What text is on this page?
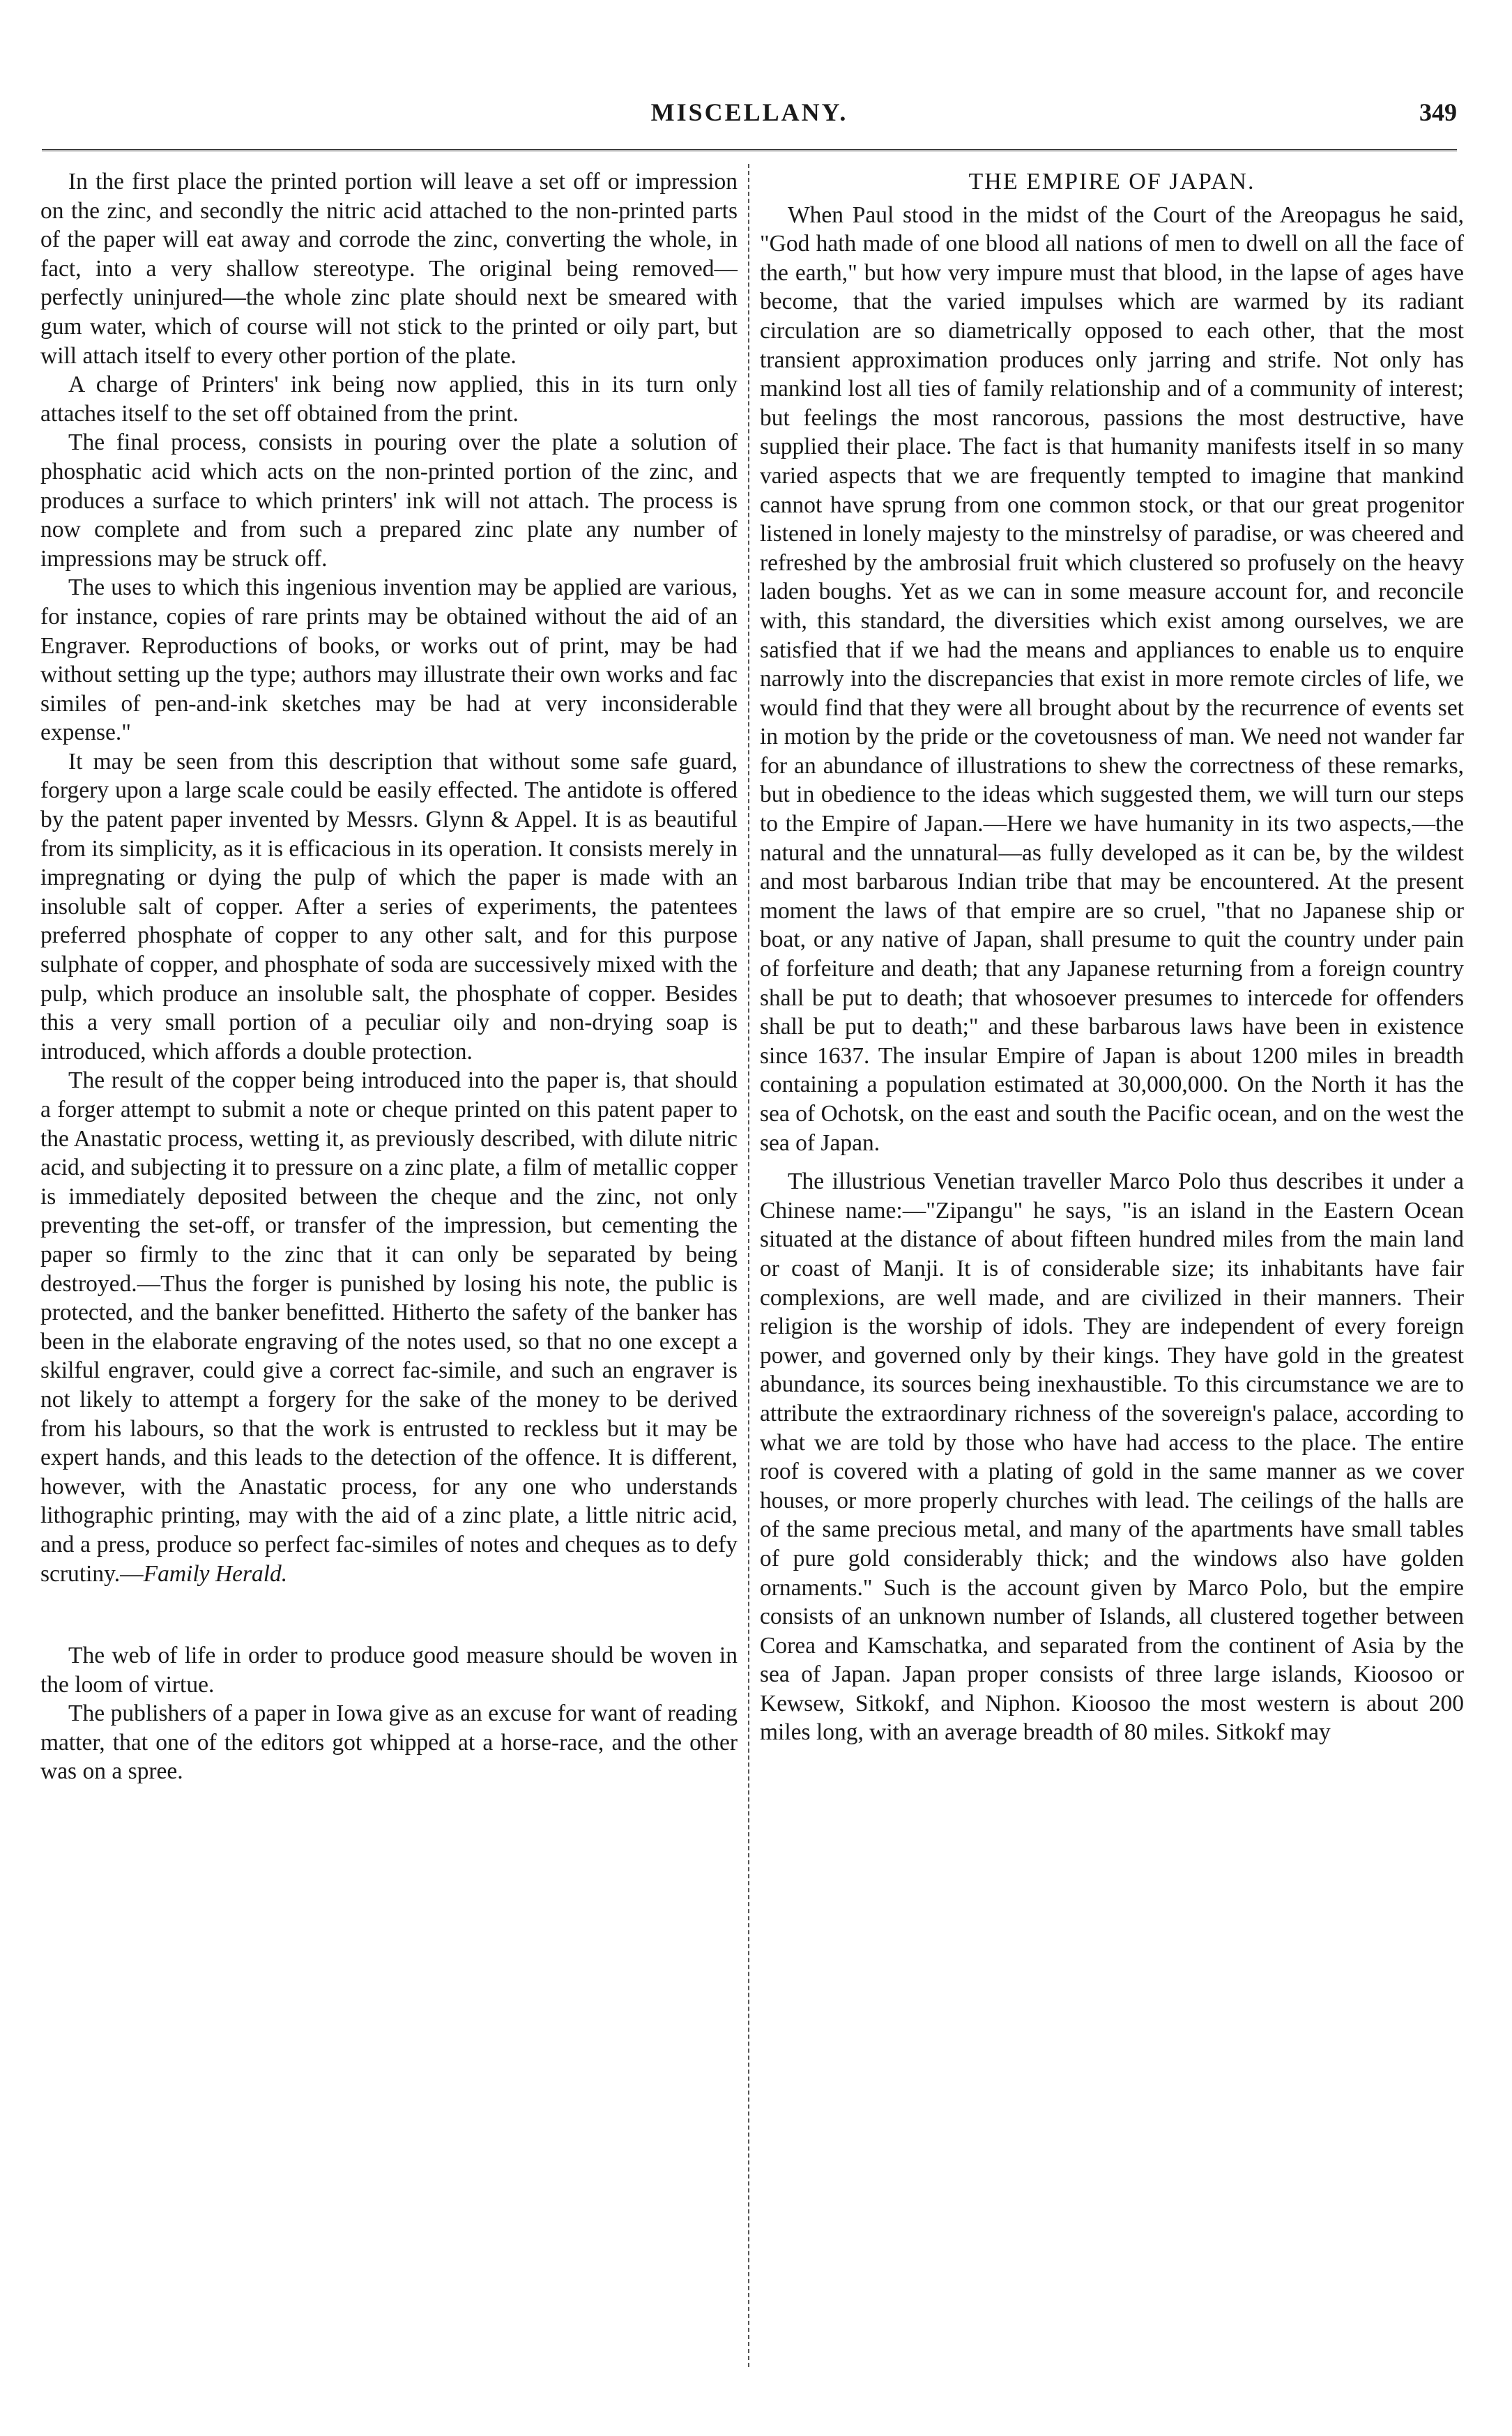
MISCELLANY.	349

In the first place the printed portion will leave a set off or impression on the zinc, and secondly the nitric acid attached to the non-printed parts of the paper will eat away and corrode the zinc, converting the whole, in fact, into a very shallow stereotype. The original being removed—perfectly uninjured—the whole zinc plate should next be smeared with gum water, which of course will not stick to the printed or oily part, but will attach itself to every other portion of the plate.

A charge of Printers' ink being now applied, this in its turn only attaches itself to the set off obtained from the print.

The final process, consists in pouring over the plate a solution of phosphatic acid which acts on the non-printed portion of the zinc, and produces a surface to which printers' ink will not attach. The process is now complete and from such a prepared zinc plate any number of impressions may be struck off.

The uses to which this ingenious invention may be applied are various, for instance, copies of rare prints may be obtained without the aid of an Engraver. Reproductions of books, or works out of print, may be had without setting up the type; authors may illustrate their own works and fac similes of pen-and-ink sketches may be had at very inconsiderable expense."

It may be seen from this description that without some safe guard, forgery upon a large scale could be easily effected. The antidote is offered by the patent paper invented by Messrs. Glynn & Appel. It is as beautiful from its simplicity, as it is efficacious in its operation. It consists merely in impregnating or dying the pulp of which the paper is made with an insoluble salt of copper. After a series of experiments, the patentees preferred phosphate of copper to any other salt, and for this purpose sulphate of copper, and phosphate of soda are successively mixed with the pulp, which produce an insoluble salt, the phosphate of copper. Besides this a very small portion of a peculiar oily and non-drying soap is introduced, which affords a double protection.

The result of the copper being introduced into the paper is, that should a forger attempt to submit a note or cheque printed on this patent paper to the Anastatic process, wetting it, as previously described, with dilute nitric acid, and subjecting it to pressure on a zinc plate, a film of metallic copper is immediately deposited between the cheque and the zinc, not only preventing the set-off, or transfer of the impression, but cementing the paper so firmly to the zinc that it can only be separated by being destroyed.—Thus the forger is punished by losing his note, the public is protected, and the banker benefitted. Hitherto the safety of the banker has been in the elaborate engraving of the notes used, so that no one except a skilful engraver, could give a correct fac-simile, and such an engraver is not likely to attempt a forgery for the sake of the money to be derived from his labours, so that the work is entrusted to reckless but it may be expert hands, and this leads to the detection of the offence. It is different, however, with the Anastatic process, for any one who understands lithographic printing, may with the aid of a zinc plate, a little nitric acid, and a press, produce so perfect fac-similes of notes and cheques as to defy scrutiny.—Family Herald.

The web of life in order to produce good measure should be woven in the loom of virtue.

The publishers of a paper in Iowa give as an excuse for want of reading matter, that one of the editors got whipped at a horse-race, and the other was on a spree.

THE EMPIRE OF JAPAN.

When Paul stood in the midst of the Court of the Areopagus he said, "God hath made of one blood all nations of men to dwell on all the face of the earth," but how very impure must that blood, in the lapse of ages have become, that the varied impulses which are warmed by its radiant circulation are so diametrically opposed to each other, that the most transient approximation produces only jarring and strife. Not only has mankind lost all ties of family relationship and of a community of interest; but feelings the most rancorous, passions the most destructive, have supplied their place. The fact is that humanity manifests itself in so many varied aspects that we are frequently tempted to imagine that mankind cannot have sprung from one common stock, or that our great progenitor listened in lonely majesty to the minstrelsy of paradise, or was cheered and refreshed by the ambrosial fruit which clustered so profusely on the heavy laden boughs. Yet as we can in some measure account for, and reconcile with, this standard, the diversities which exist among ourselves, we are satisfied that if we had the means and appliances to enable us to enquire narrowly into the discrepancies that exist in more remote circles of life, we would find that they were all brought about by the recurrence of events set in motion by the pride or the covetousness of man. We need not wander far for an abundance of illustrations to shew the correctness of these remarks, but in obedience to the ideas which suggested them, we will turn our steps to the Empire of Japan.—Here we have humanity in its two aspects,—the natural and the unnatural—as fully developed as it can be, by the wildest and most barbarous Indian tribe that may be encountered. At the present moment the laws of that empire are so cruel, "that no Japanese ship or boat, or any native of Japan, shall presume to quit the country under pain of forfeiture and death; that any Japanese returning from a foreign country shall be put to death; that whosoever presumes to intercede for offenders shall be put to death;" and these barbarous laws have been in existence since 1637. The insular Empire of Japan is about 1200 miles in breadth containing a population estimated at 30,000,000. On the North it has the sea of Ochotsk, on the east and south the Pacific ocean, and on the west the sea of Japan.

The illustrious Venetian traveller Marco Polo thus describes it under a Chinese name:—"Zipangu" he says, "is an island in the Eastern Ocean situated at the distance of about fifteen hundred miles from the main land or coast of Manji. It is of considerable size; its inhabitants have fair complexions, are well made, and are civilized in their manners. Their religion is the worship of idols. They are independent of every foreign power, and governed only by their kings. They have gold in the greatest abundance, its sources being inexhaustible. To this circumstance we are to attribute the extraordinary richness of the sovereign's palace, according to what we are told by those who have had access to the place. The entire roof is covered with a plating of gold in the same manner as we cover houses, or more properly churches with lead. The ceilings of the halls are of the same precious metal, and many of the apartments have small tables of pure gold considerably thick; and the windows also have golden ornaments." Such is the account given by Marco Polo, but the empire consists of an unknown number of Islands, all clustered together between Corea and Kamschatka, and separated from the continent of Asia by the sea of Japan. Japan proper consists of three large islands, Kioosoo or Kewsew, Sitkokf, and Niphon. Kioosoo the most western is about 200 miles long, with an average breadth of 80 miles. Sitkokf may
